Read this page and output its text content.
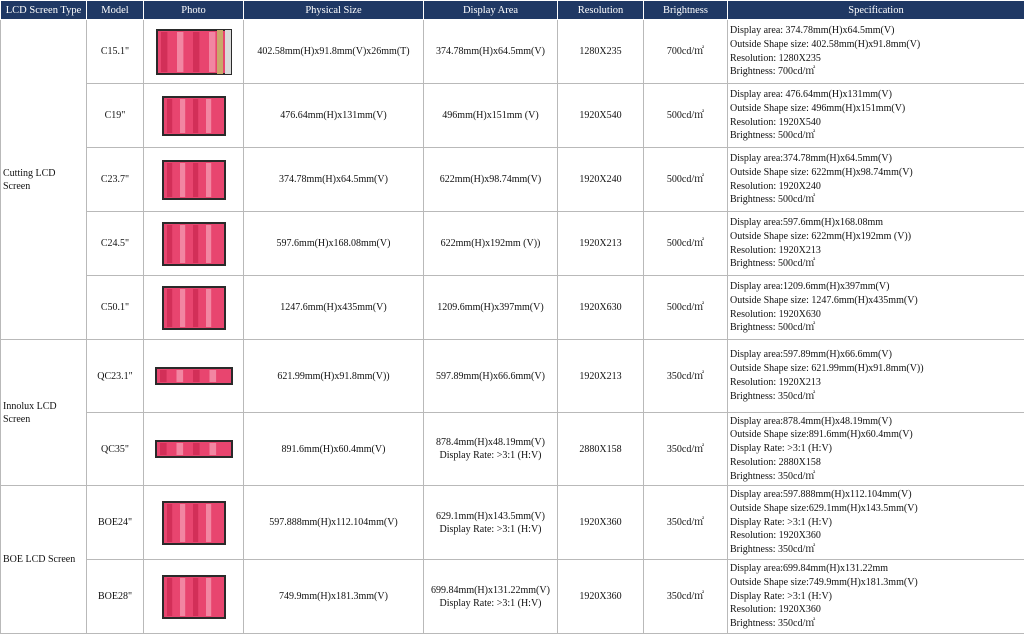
LCD Screen Type	Model	Photo	Physical Size	Display Area	Resolution	Brightness	Specification

Cutting LCD
Screen	C15.1"		402.58mm(H)x91.8mm(V)x26mm(T)	374.78mm(H)x64.5mm(V)	1280X235	700cd/㎡	Display area: 374.78mm(H)x64.5mm(V)
Outside Shape size: 402.58mm(H)x91.8mm(V)
Resolution: 1280X235
Brightness: 700cd/㎡

	C19"		476.64mm(H)x131mm(V)	496mm(H)x151mm (V)	1920X540	500cd/㎡	Display area: 476.64mm(H)x131mm(V)
Outside Shape size: 496mm(H)x151mm(V)
Resolution: 1920X540
Brightness: 500cd/㎡

	C23.7"		374.78mm(H)x64.5mm(V)	622mm(H)x98.74mm(V)	1920X240	500cd/㎡	Display area:374.78mm(H)x64.5mm(V)
Outside Shape size: 622mm(H)x98.74mm(V)
Resolution: 1920X240
Brightness: 500cd/㎡

	C24.5"		597.6mm(H)x168.08mm(V)	622mm(H)x192mm (V))	1920X213	500cd/㎡	Display area:597.6mm(H)x168.08mm
Outside Shape size: 622mm(H)x192mm (V))
Resolution: 1920X213
Brightness: 500cd/㎡

	C50.1"		1247.6mm(H)x435mm(V)	1209.6mm(H)x397mm(V)	1920X630	500cd/㎡	Display area:1209.6mm(H)x397mm(V)
Outside Shape size: 1247.6mm(H)x435mm(V)
Resolution: 1920X630
Brightness: 500cd/㎡

Innolux LCD
Screen	QC23.1"		621.99mm(H)x91.8mm(V))	597.89mm(H)x66.6mm(V)	1920X213	350cd/㎡	Display area:597.89mm(H)x66.6mm(V)
Outside Shape size: 621.99mm(H)x91.8mm(V))
Resolution: 1920X213
Brightness: 350cd/㎡

	QC35"		891.6mm(H)x60.4mm(V)	878.4mm(H)x48.19mm(V)
Display Rate: >3:1 (H:V)	2880X158	350cd/㎡	Display area:878.4mm(H)x48.19mm(V)
Outside Shape size:891.6mm(H)x60.4mm(V)
Display Rate: >3:1 (H:V)
Resolution: 2880X158
Brightness: 350cd/㎡

BOE LCD Screen	BOE24"		597.888mm(H)x112.104mm(V)	629.1mm(H)x143.5mm(V)
Display Rate: >3:1 (H:V)	1920X360	350cd/㎡	Display area:597.888mm(H)x112.104mm(V)
Outside Shape size:629.1mm(H)x143.5mm(V)
Display Rate: >3:1 (H:V)
Resolution: 1920X360
Brightness: 350cd/㎡

	BOE28"		749.9mm(H)x181.3mm(V)	699.84mm(H)x131.22mm(V)
Display Rate: >3:1 (H:V)	1920X360	350cd/㎡	Display area:699.84mm(H)x131.22mm
Outside Shape size:749.9mm(H)x181.3mm(V)
Display Rate: >3:1 (H:V)
Resolution: 1920X360
Brightness: 350cd/㎡
